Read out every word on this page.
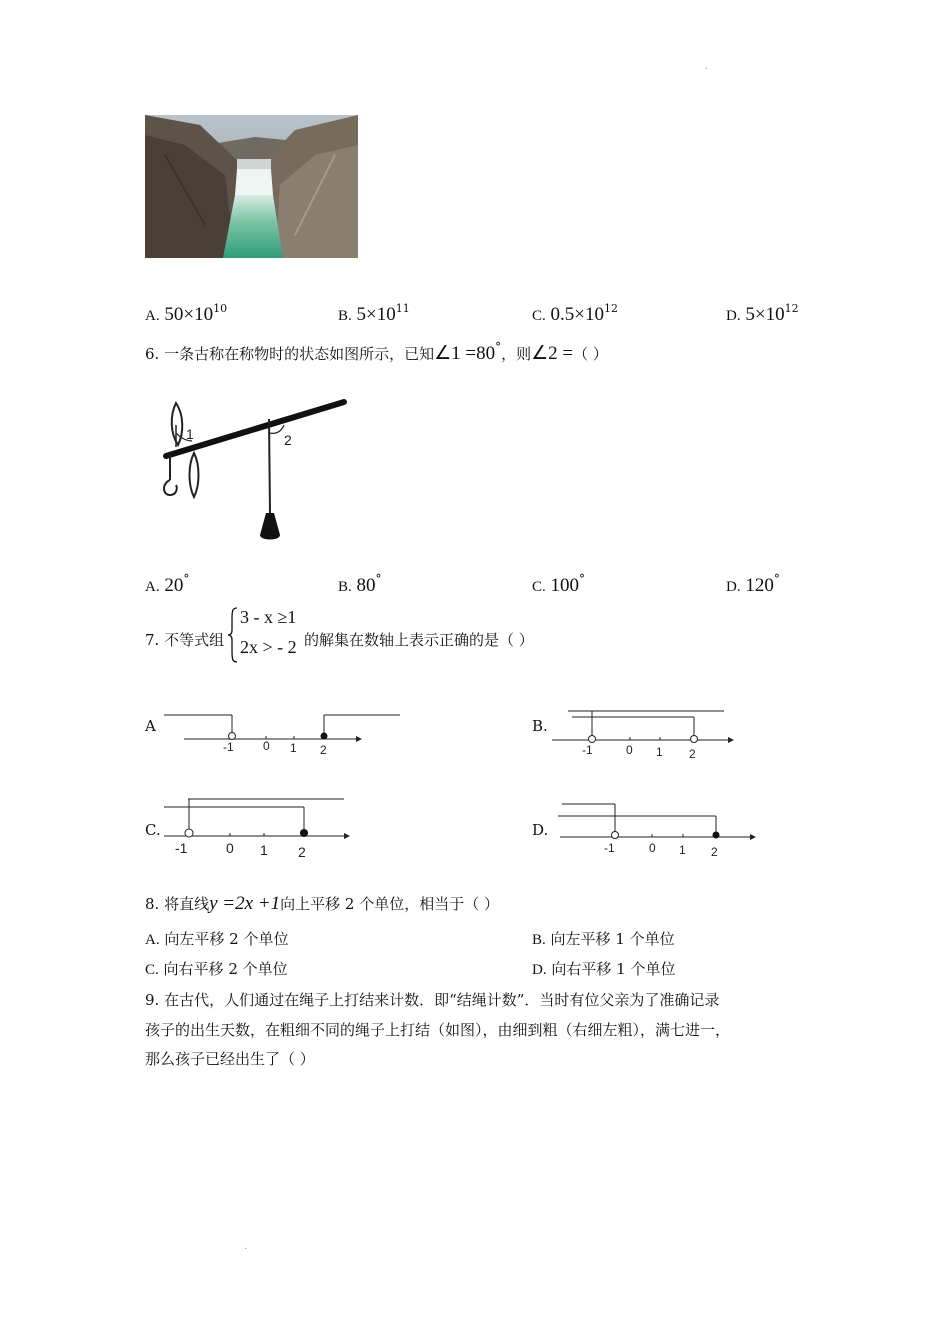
A. $50\times 10^{10}$	B. $5\times 10^{11}$	C. $0.5\times 10^{12}$	D. $5\times 10^{12}$
6. 一条古称在称物时的状态如图所示，已知∠1 =80°，则∠2 =（ ）
1	2
A. 20°	B. 80°	C. 100°	D. 120°
7. 不等式组
3 - x ≥1
2x > - 2 的解集在数轴上表示正确的是（ ）
A	B.
C.	D.
-1 0 1 2	-1	0 1 2
-1	0 1 2	-1	0 1 2
8. 将直线y =2x +1向上平移 2 个单位，相当于（ ）
A. 向左平移 2 个单位	B. 向左平移 1 个单位
C. 向右平移 2 个单位	D. 向右平移 1 个单位
9. 在古代，人们通过在绳子上打结来计数．即“结绳计数”．当时有位父亲为了准确记录
孩子的出生天数，在粗细不同的绳子上打结（如图），由细到粗（右细左粗），满七进一，
那么孩子已经出生了（ ）
·
·
